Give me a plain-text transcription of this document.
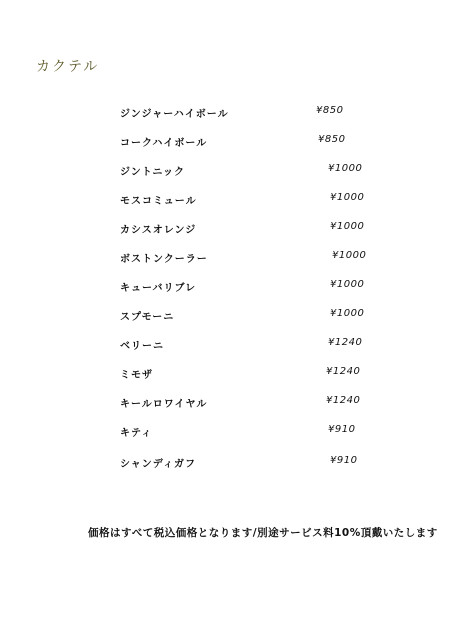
カクテル
ジンジャーハイボール	¥850
コークハイボール	¥850
ジントニック	¥1000
モスコミュール	¥1000
カシスオレンジ	¥1000
ボストンクーラー	¥1000
キューバリブレ	¥1000
スプモーニ	¥1000
ベリーニ	¥1240
ミモザ	¥1240
キールロワイヤル	¥1240
キティ	¥910
シャンディガフ	¥910
価格はすべて税込価格となります/別途サービス料10%頂戴いたします
